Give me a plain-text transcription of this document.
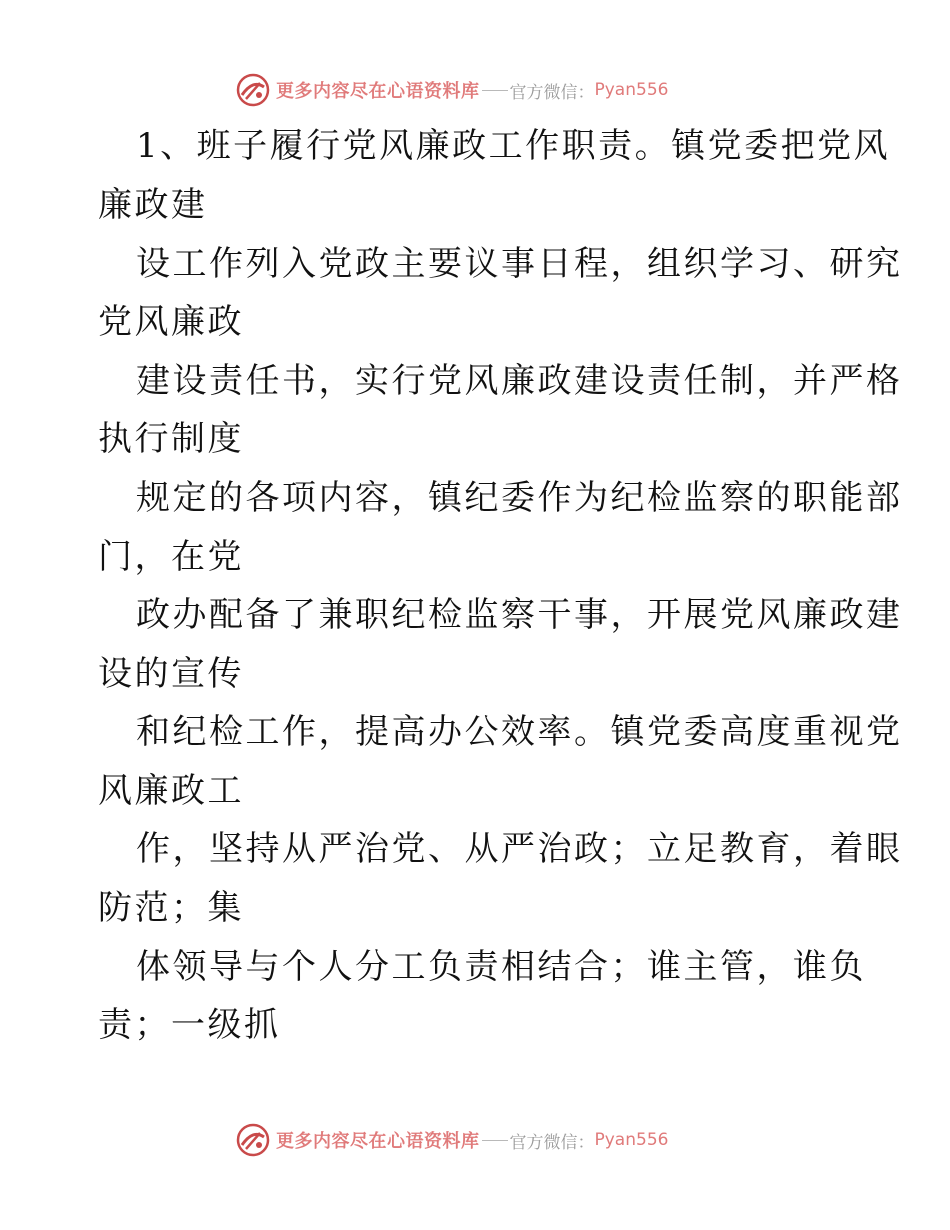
更多内容尽在心语资料库 官方微信： Pyan556
1、班子履行党风廉政工作职责。镇党委把党风
廉政建
设工作列入党政主要议事日程，组织学习、研究
党风廉政
建设责任书，实行党风廉政建设责任制，并严格
执行制度
规定的各项内容，镇纪委作为纪检监察的职能部
门，在党
政办配备了兼职纪检监察干事，开展党风廉政建
设的宣传
和纪检工作，提高办公效率。镇党委高度重视党
风廉政工
作，坚持从严治党、从严治政；立足教育，着眼
防范；集
体领导与个人分工负责相结合；谁主管，谁负
责；一级抓
更多内容尽在心语资料库 官方微信： Pyan556
